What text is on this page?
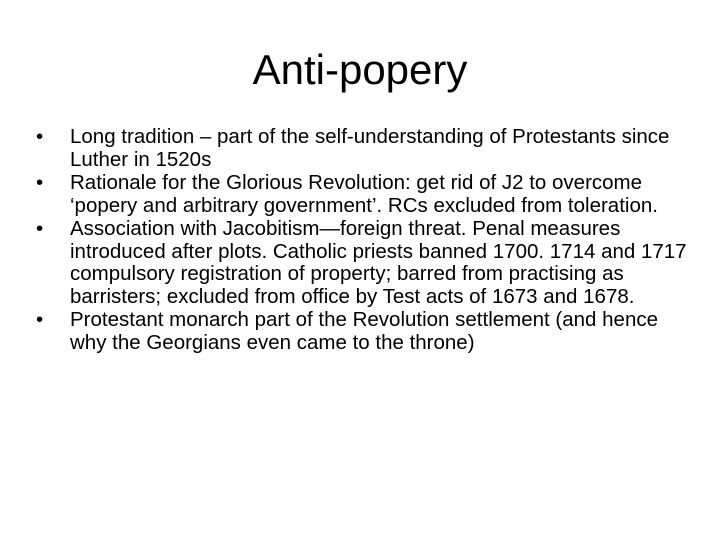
Anti-popery
•	Long tradition – part of the self-understanding of Protestants since Luther in 1520s
•	Rationale for the Glorious Revolution: get rid of J2 to overcome ‘popery and arbitrary government’. RCs excluded from toleration.
•	Association with Jacobitism—foreign threat. Penal measures introduced after plots. Catholic priests banned 1700. 1714 and 1717 compulsory registration of property; barred from practising as barristers; excluded from office by Test acts of 1673 and 1678.
•	Protestant monarch part of the Revolution settlement (and hence why the Georgians even came to the throne)
